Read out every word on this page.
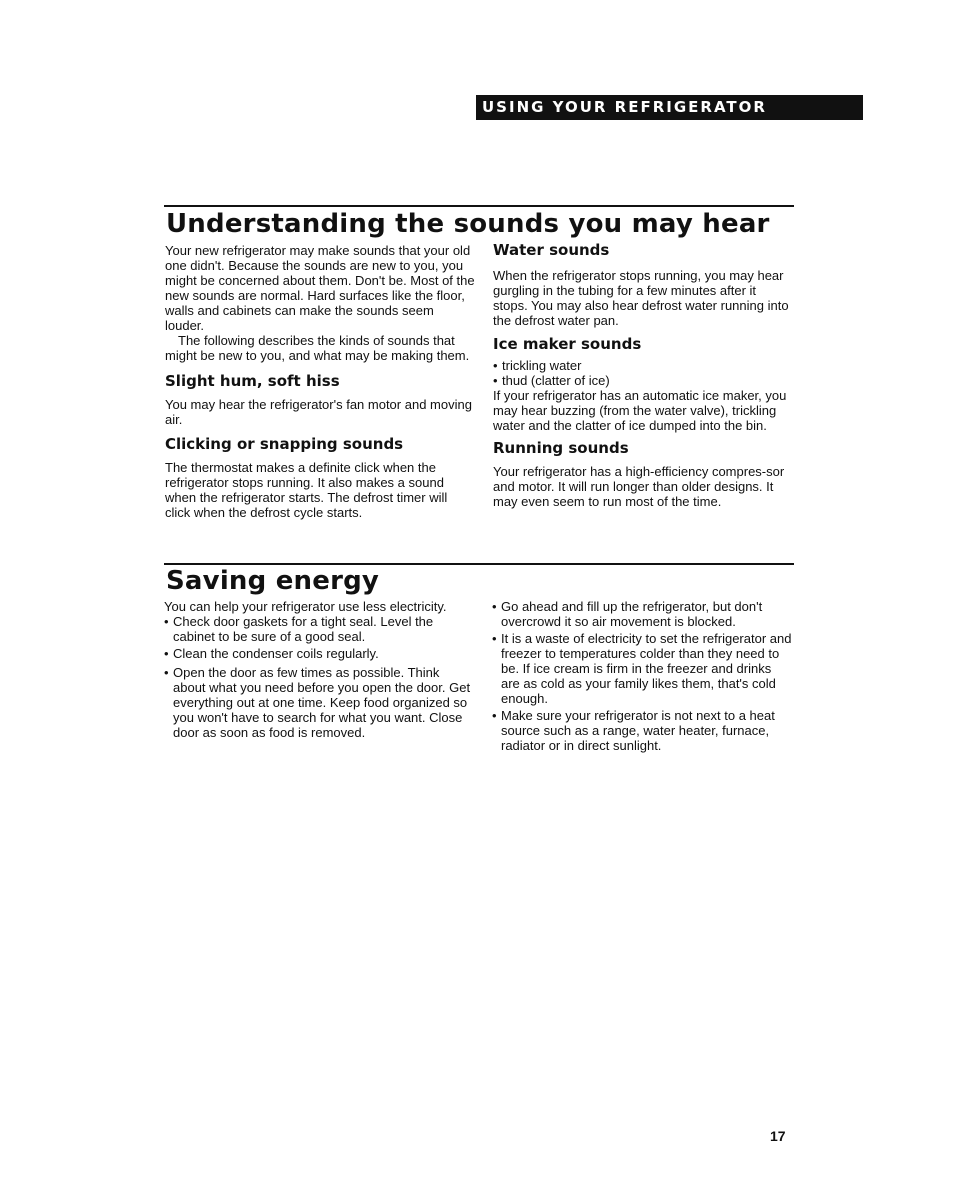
USING YOUR REFRIGERATOR
Understanding the sounds you may hear

Your new refrigerator may make sounds that your old one didn't. Because the sounds are new to you, you might be concerned about them. Don't be. Most of the new sounds are normal. Hard surfaces like the floor, walls and cabinets can make the sounds seem louder.

The following describes the kinds of sounds that might be new to you, and what may be making them.

Slight hum, soft hiss

You may hear the refrigerator's fan motor and moving air.

Clicking or snapping sounds

The thermostat makes a definite click when the refrigerator stops running. It also makes a sound when the refrigerator starts. The defrost timer will click when the defrost cycle starts.

Water sounds

When the refrigerator stops running, you may hear gurgling in the tubing for a few minutes after it stops. You may also hear defrost water running into the defrost water pan.

Ice maker sounds
• trickling water
• thud (clatter of ice)

If your refrigerator has an automatic ice maker, you may hear buzzing (from the water valve), trickling water and the clatter of ice dumped into the bin.

Running sounds

Your refrigerator has a high-efficiency compres-sor and motor. It will run longer than older designs. It may even seem to run most of the time.

Saving energy

You can help your refrigerator use less electricity.

• Check door gaskets for a tight seal. Level the cabinet to be sure of a good seal.
• Clean the condenser coils regularly.
• Open the door as few times as possible. Think about what you need before you open the door. Get everything out at one time. Keep food organized so you won't have to search for what you want. Close door as soon as food is removed.
• Go ahead and fill up the refrigerator, but don't overcrowd it so air movement is blocked.
• It is a waste of electricity to set the refrigerator and freezer to temperatures colder than they need to be. If ice cream is firm in the freezer and drinks are as cold as your family likes them, that's cold enough.
• Make sure your refrigerator is not next to a heat source such as a range, water heater, furnace, radiator or in direct sunlight.
17
